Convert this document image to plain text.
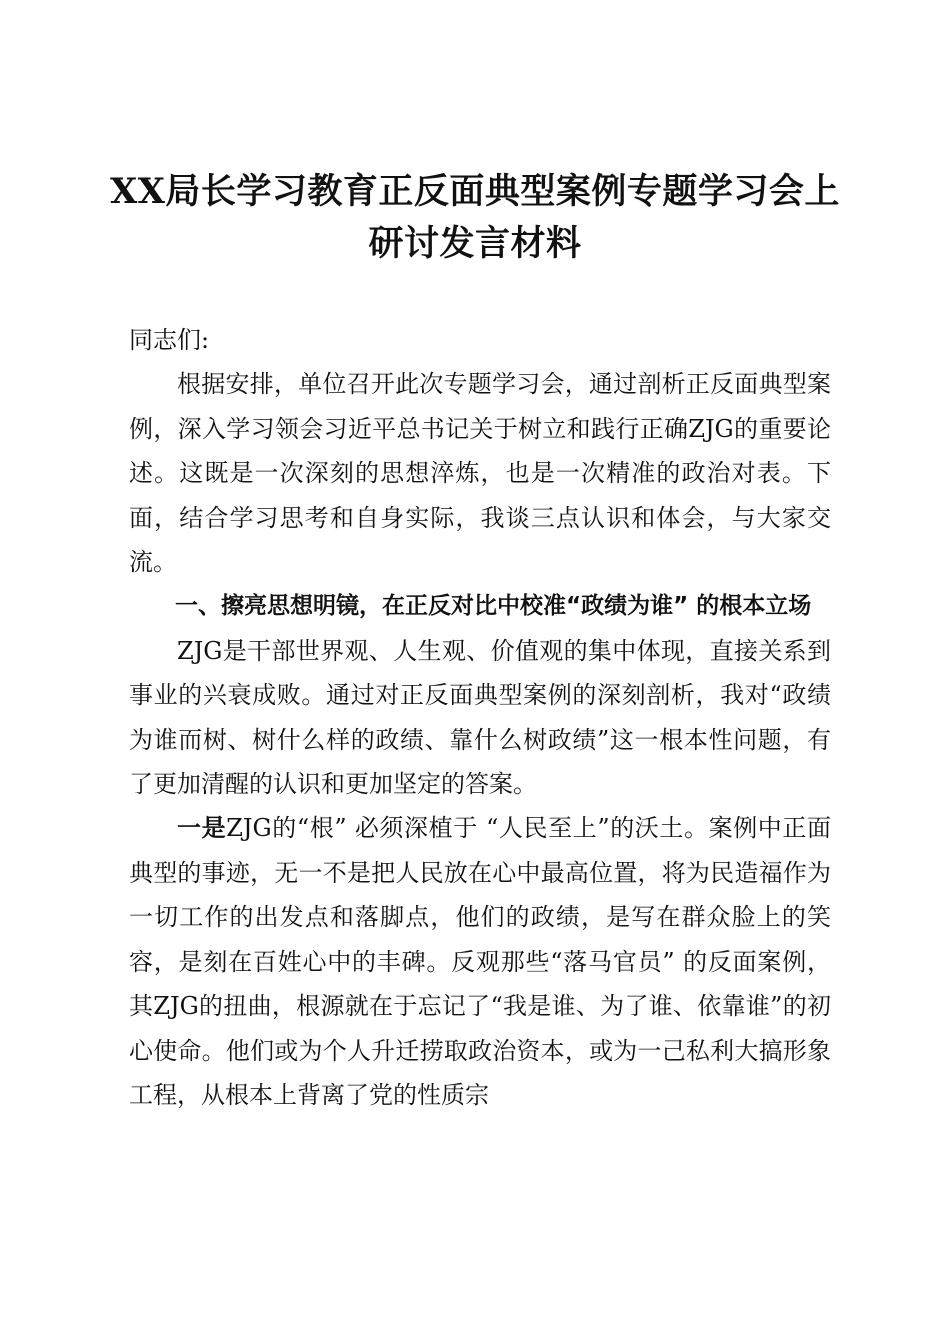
XX局长学习教育正反面典型案例专题学习会上研讨发言材料

同志们:

根据安排，单位召开此次专题学习会，通过剖析正反面典型案例，深入学习领会习近平总书记关于树立和践行正确ZJG的重要论述。这既是一次深刻的思想淬炼，也是一次精准的政治对表。下面，结合学习思考和自身实际，我谈三点认识和体会，与大家交流。

一、擦亮思想明镜，在正反对比中校准“政绩为谁” 的根本立场

ZJG是干部世界观、人生观、价值观的集中体现，直接关系到事业的兴衰成败。通过对正反面典型案例的深刻剖析，我对“政绩为谁而树、树什么样的政绩、靠什么树政绩”这一根本性问题，有了更加清醒的认识和更加坚定的答案。

一是ZJG的“根” 必须深植于 “人民至上”的沃土。案例中正面典型的事迹，无一不是把人民放在心中最高位置，将为民造福作为一切工作的出发点和落脚点，他们的政绩，是写在群众脸上的笑容，是刻在百姓心中的丰碑。反观那些“落马官员” 的反面案例，其ZJG的扭曲，根源就在于忘记了“我是谁、为了谁、依靠谁”的初心使命。他们或为个人升迁捞取政治资本，或为一己私利大搞形象工程，从根本上背离了党的性质宗
